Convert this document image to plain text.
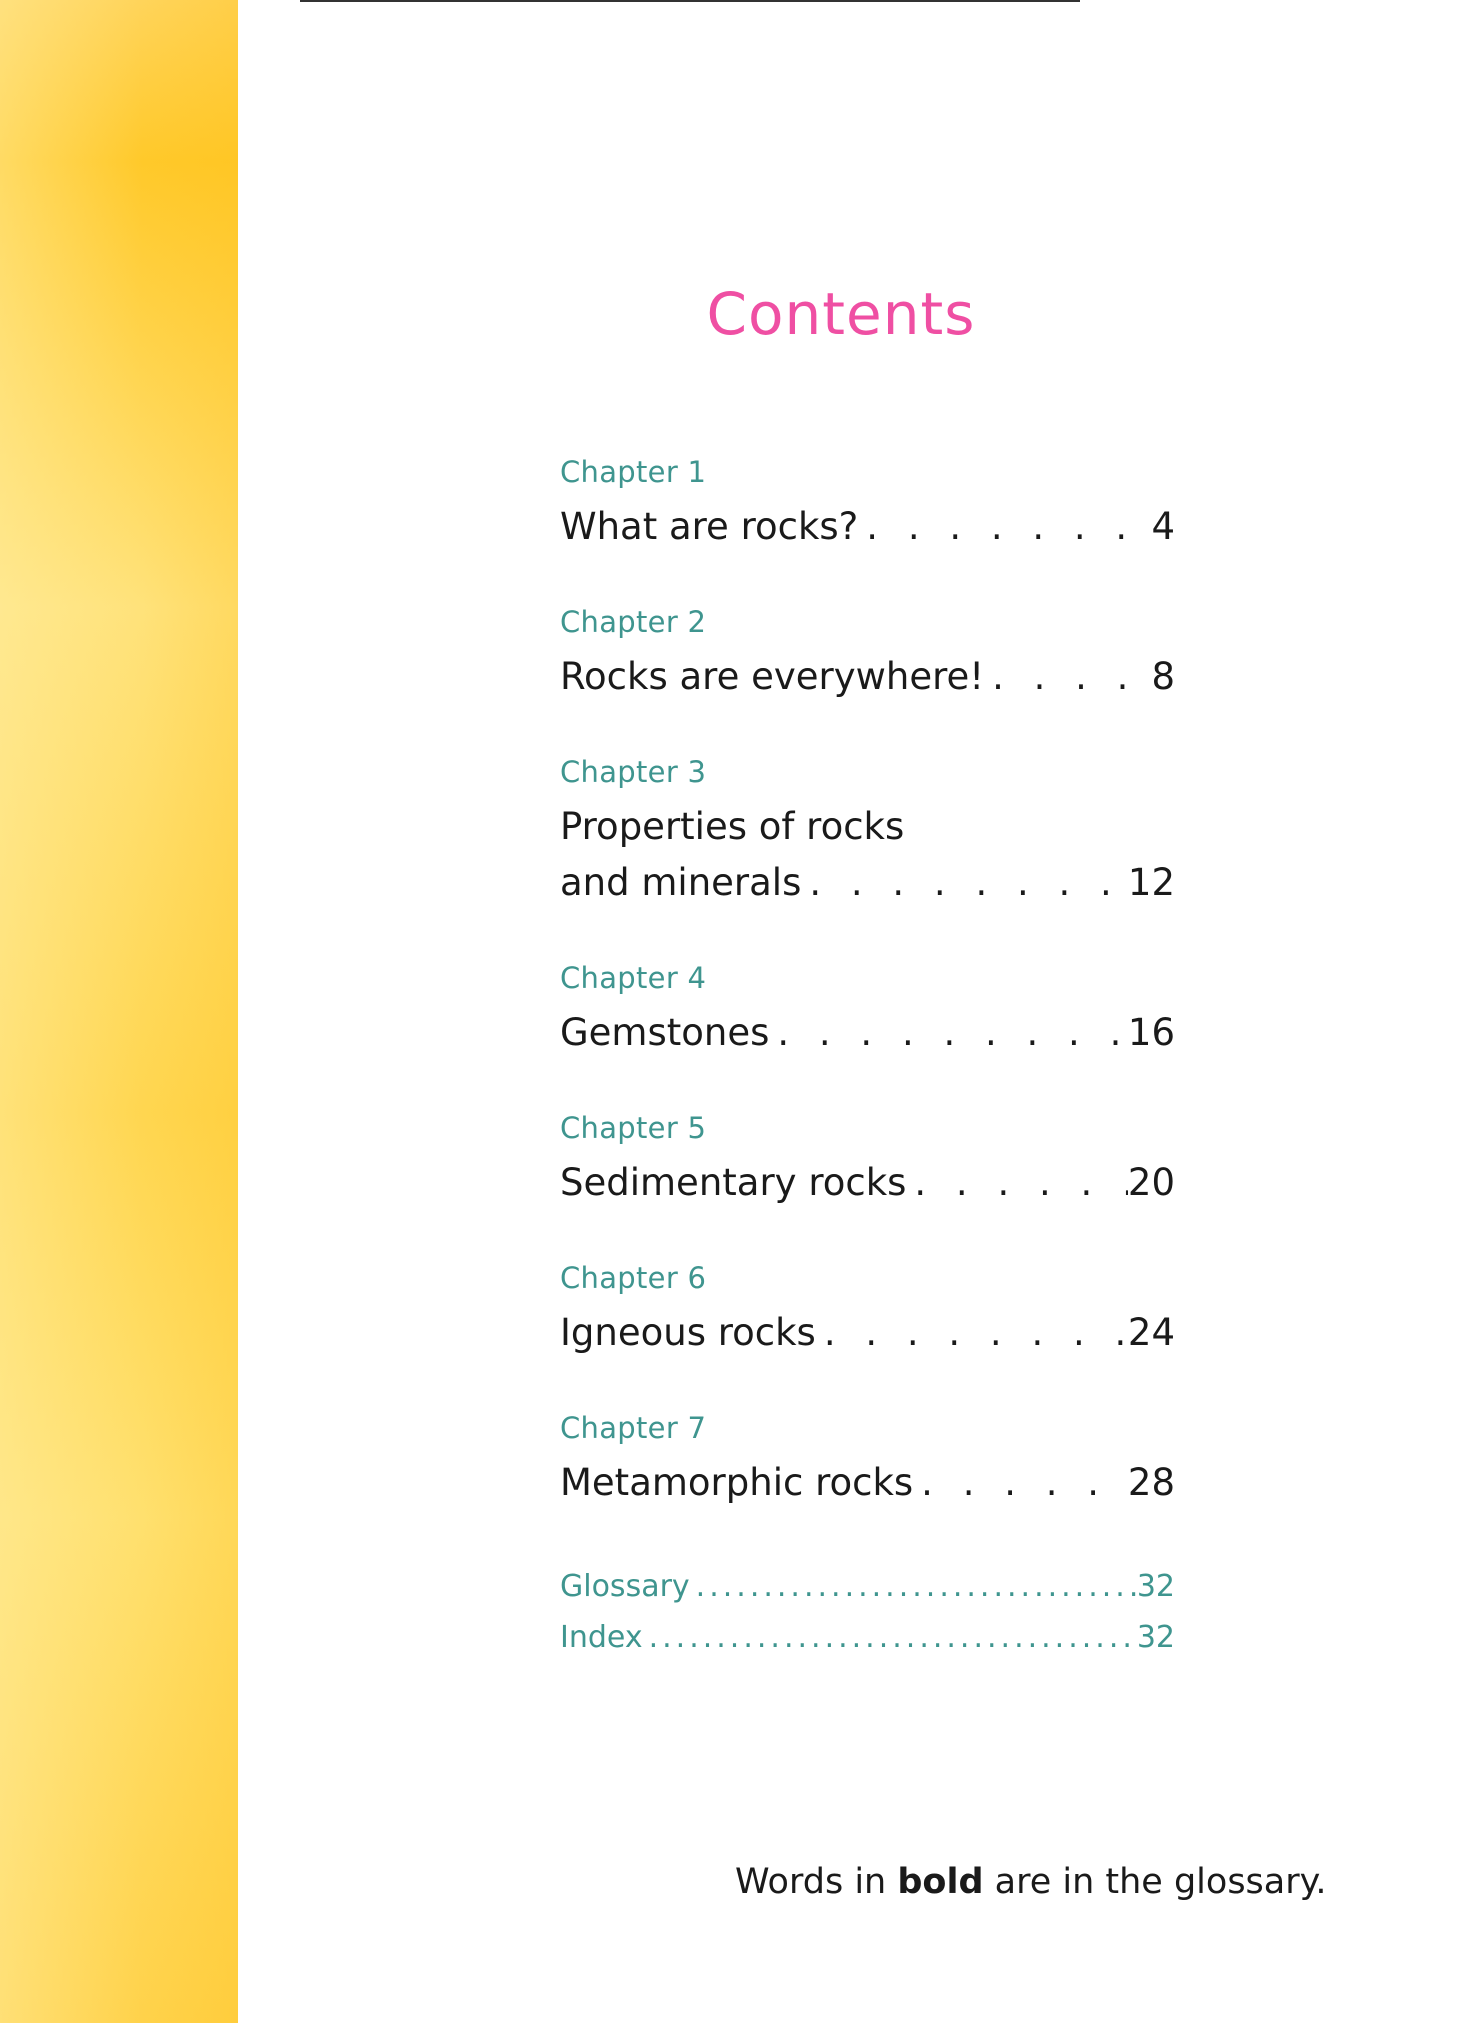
Contents
Chapter 1
What are rocks? . . .	4
Chapter 2
Rocks are everywhere! . . .	8
Chapter 3
Properties of rocks
and minerals . . .	12
Chapter 4
Gemstones . . .	16
Chapter 5
Sedimentary rocks . . .	20
Chapter 6
Igneous rocks . . .	24
Chapter 7
Metamorphic rocks . . .	28
Glossary .....	32
Index .....	32
Words in bold are in the glossary.
